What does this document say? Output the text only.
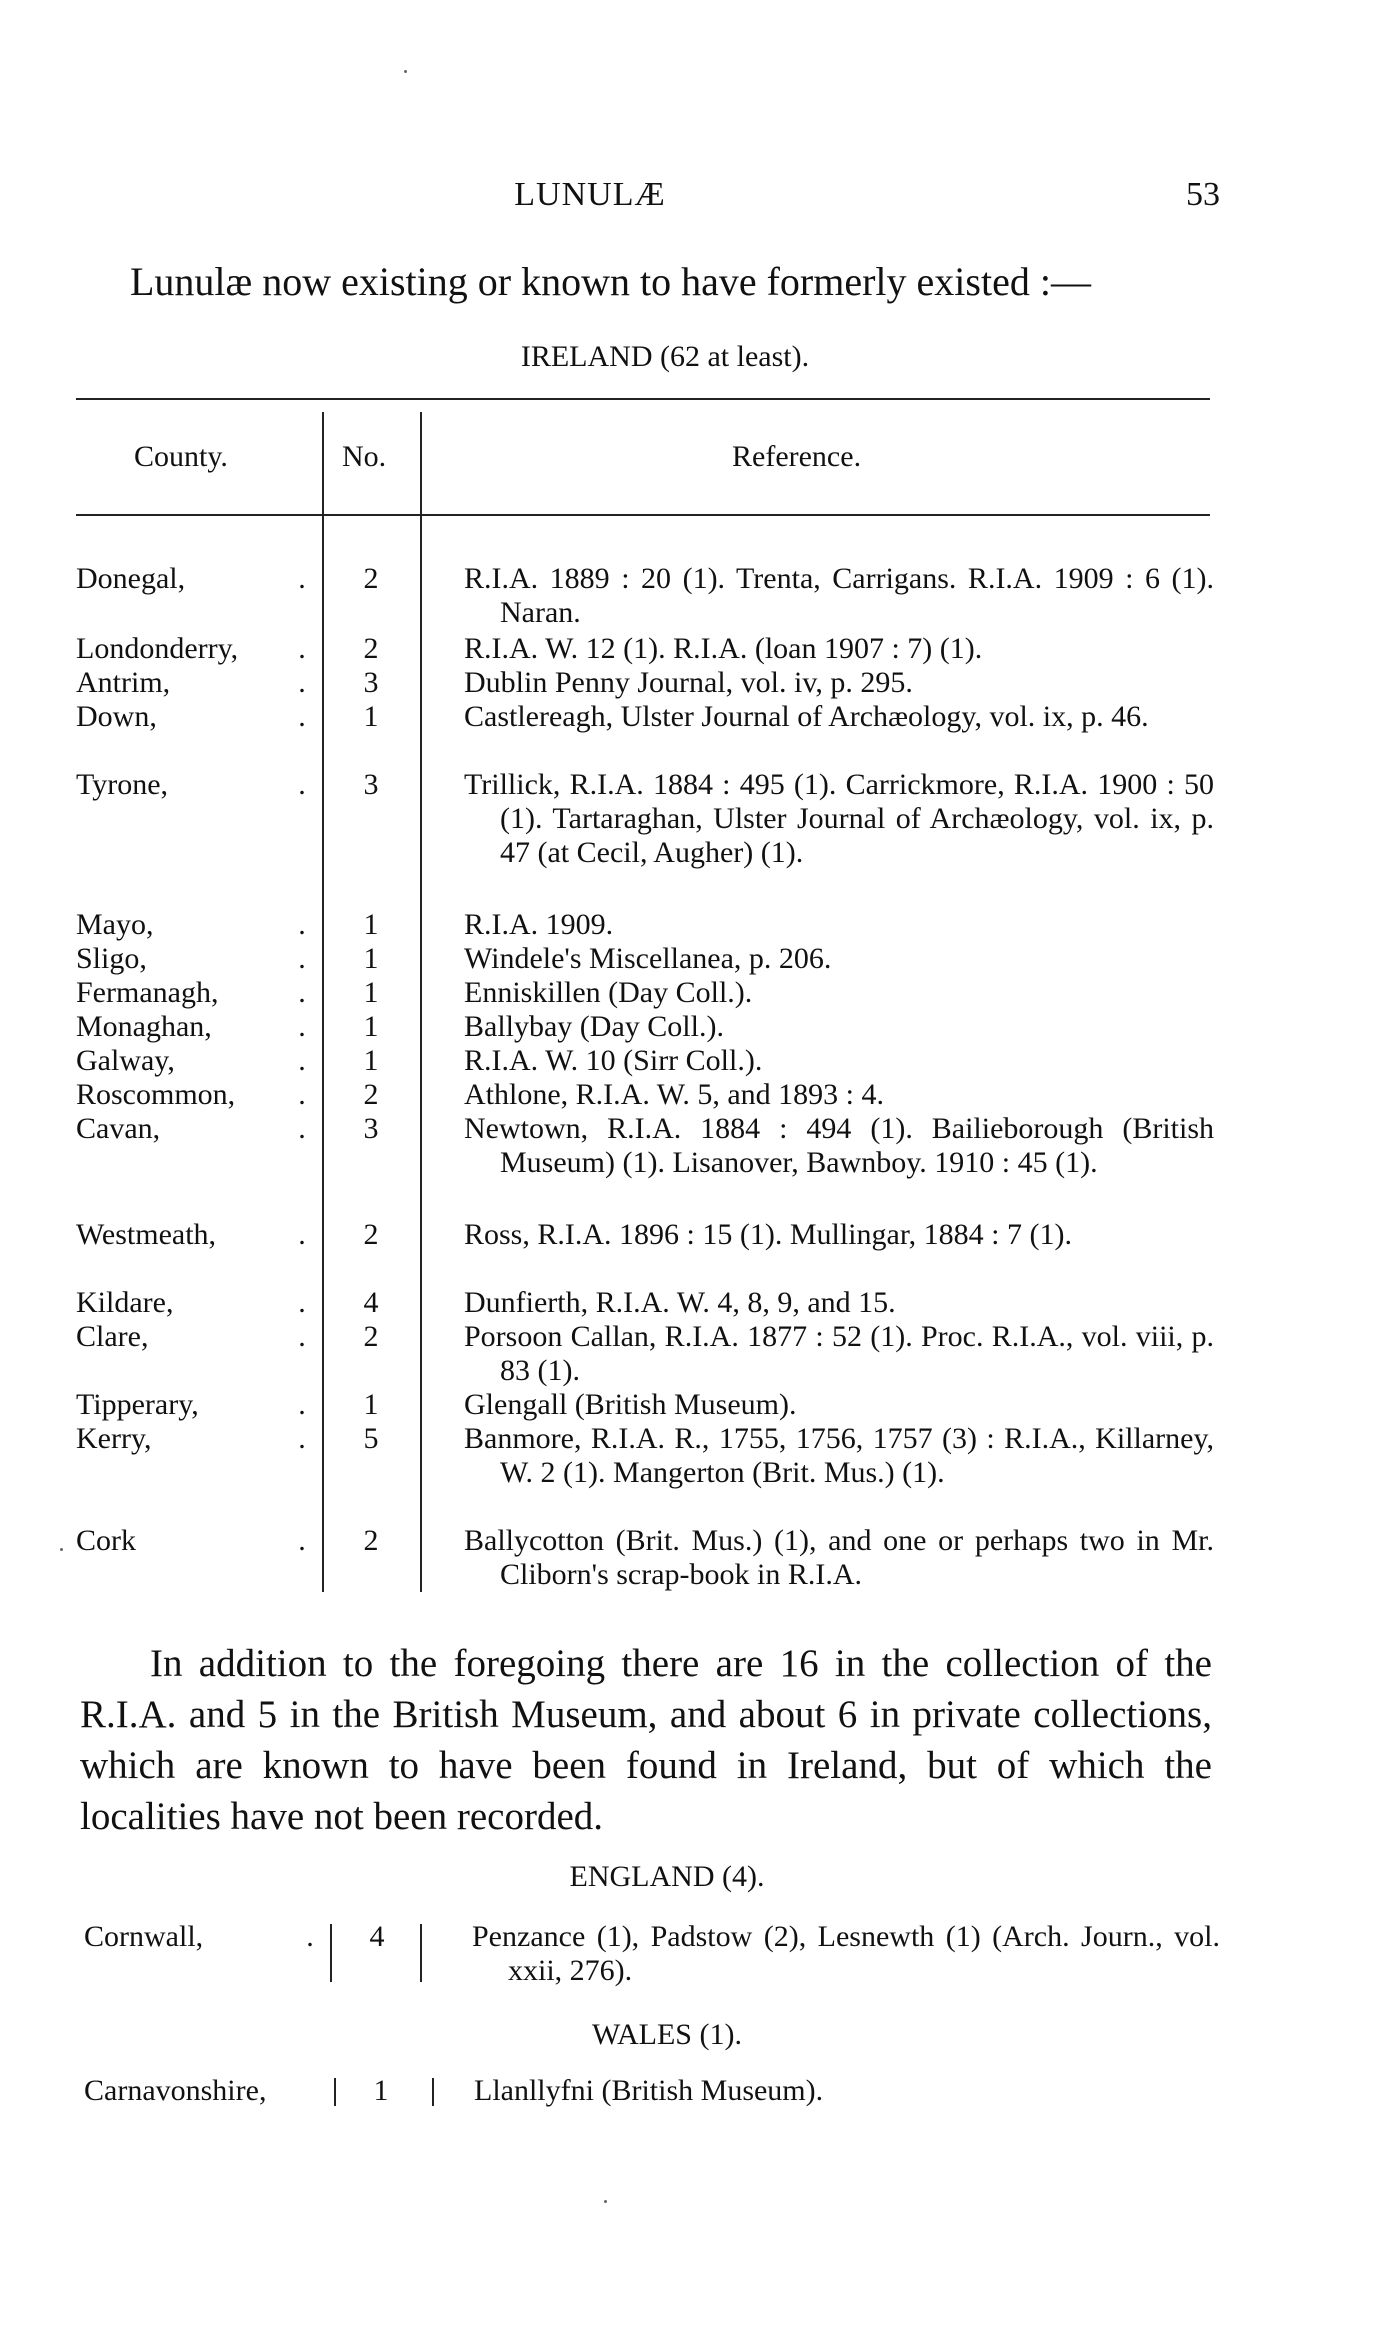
LUNULÆ	53
Lunulæ now existing or known to have formerly existed :—
IRELAND (62 at least).
County.	No.	Reference.
Donegal,	.	2	R.I.A. 1889 : 20 (1). Trenta, Carrigans. R.I.A. 1909 : 6 (1). Naran.
Londonderry,	.	2	R.I.A. W. 12 (1). R.I.A. (loan 1907 : 7) (1).
Antrim,	.	3	Dublin Penny Journal, vol. iv, p. 295.
Down,	.	1	Castlereagh, Ulster Journal of Archæology, vol. ix, p. 46.
Tyrone,	.	3	Trillick, R.I.A. 1884 : 495 (1). Carrickmore, R.I.A. 1900 : 50 (1). Tartaraghan, Ulster Journal of Archæology, vol. ix, p. 47 (at Cecil, Augher) (1).
Mayo,	.	1	R.I.A. 1909.
Sligo,	.	1	Windele's Miscellanea, p. 206.
Fermanagh,	.	1	Enniskillen (Day Coll.).
Monaghan,	.	1	Ballybay (Day Coll.).
Galway,	.	1	R.I.A. W. 10 (Sirr Coll.).
Roscommon,	.	2	Athlone, R.I.A. W. 5, and 1893 : 4.
Cavan,	.	3	Newtown, R.I.A. 1884 : 494 (1). Bailieborough (British Museum) (1). Lisanover, Bawnboy. 1910 : 45 (1).
Westmeath,	.	2	Ross, R.I.A. 1896 : 15 (1). Mullingar, 1884 : 7 (1).
Kildare,	.	4	Dunfierth, R.I.A. W. 4, 8, 9, and 15.
Clare,	.	2	Porsoon Callan, R.I.A. 1877 : 52 (1). Proc. R.I.A., vol. viii, p. 83 (1).
Tipperary,	.	1	Glengall (British Museum).
Kerry,	.	5	Banmore, R.I.A. R., 1755, 1756, 1757 (3) : R.I.A., Killarney, W. 2 (1). Mangerton (Brit. Mus.) (1).
Cork	.	2	Ballycotton (Brit. Mus.) (1), and one or perhaps two in Mr. Cliborn's scrap-book in R.I.A.
In addition to the foregoing there are 16 in the collection of the R.I.A. and 5 in the British Museum, and about 6 in private collections, which are known to have been found in Ireland, but of which the localities have not been recorded.
ENGLAND (4).
Cornwall,	.	4	Penzance (1), Padstow (2), Lesnewth (1) (Arch. Journ., vol. xxii, 276).
WALES (1).
Carnavonshire,	1	Llanllyfni (British Museum).
